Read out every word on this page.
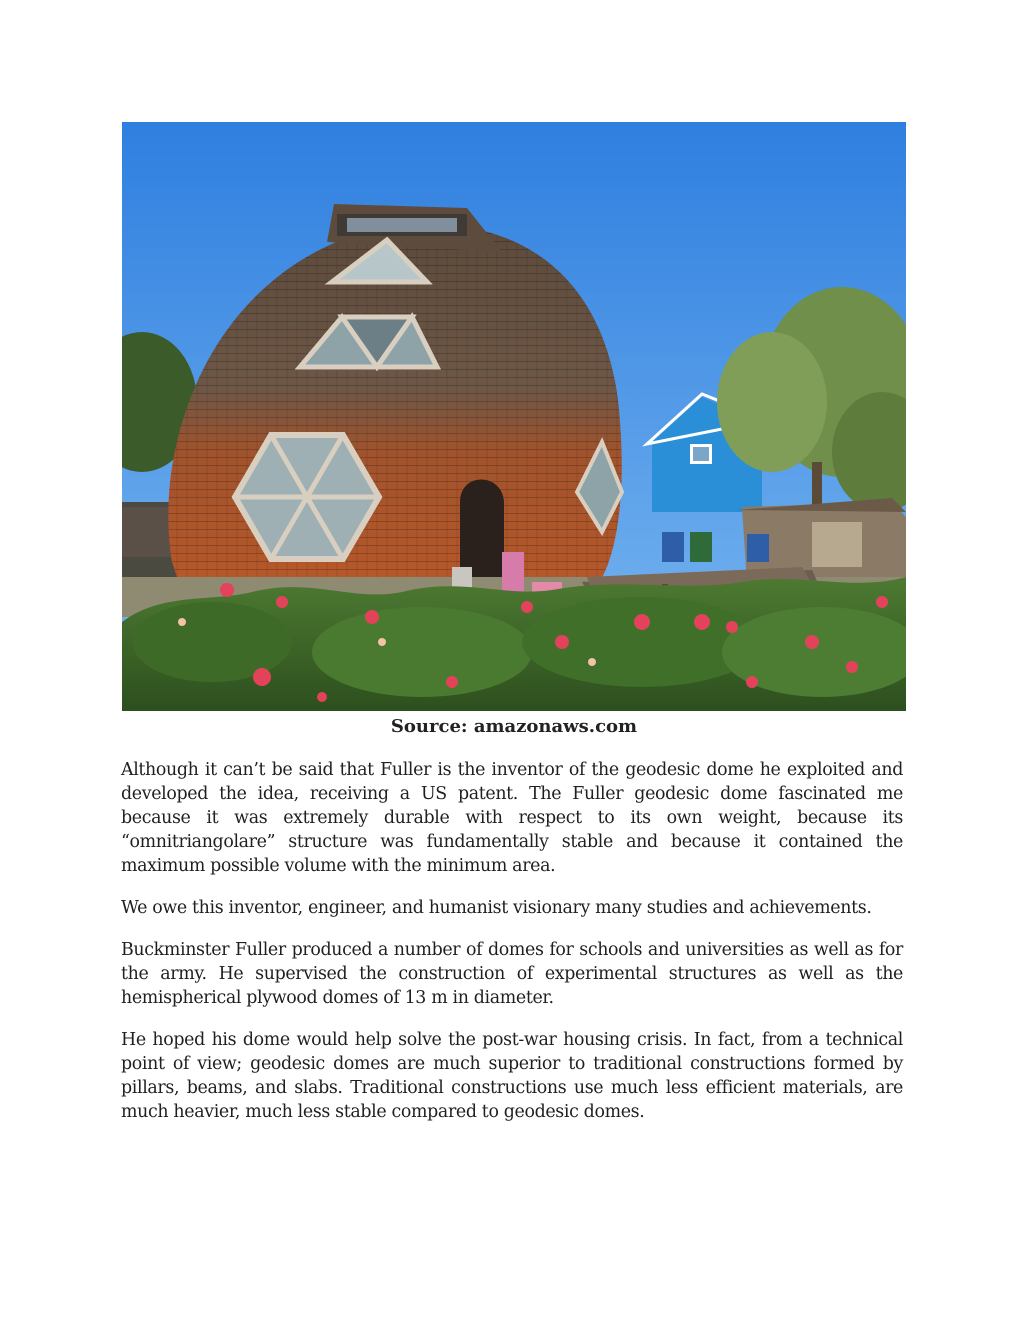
Source: amazonaws.com

Although it can’t be said that Fuller is the inventor of the geodesic dome he exploited and developed the idea, receiving a US patent. The Fuller geodesic dome fascinated me because it was extremely durable with respect to its own weight, because its “omnitriangolare” structure was fundamentally stable and because it contained the maximum possible volume with the minimum area.

We owe this inventor, engineer, and humanist visionary many studies and achievements.

Buckminster Fuller produced a number of domes for schools and universities as well as for the army. He supervised the construction of experimental structures as well as the hemispherical plywood domes of 13 m in diameter.

He hoped his dome would help solve the post-war housing crisis. In fact, from a technical point of view; geodesic domes are much superior to traditional constructions formed by pillars, beams, and slabs. Traditional constructions use much less efficient materials, are much heavier, much less stable compared to geodesic domes.
